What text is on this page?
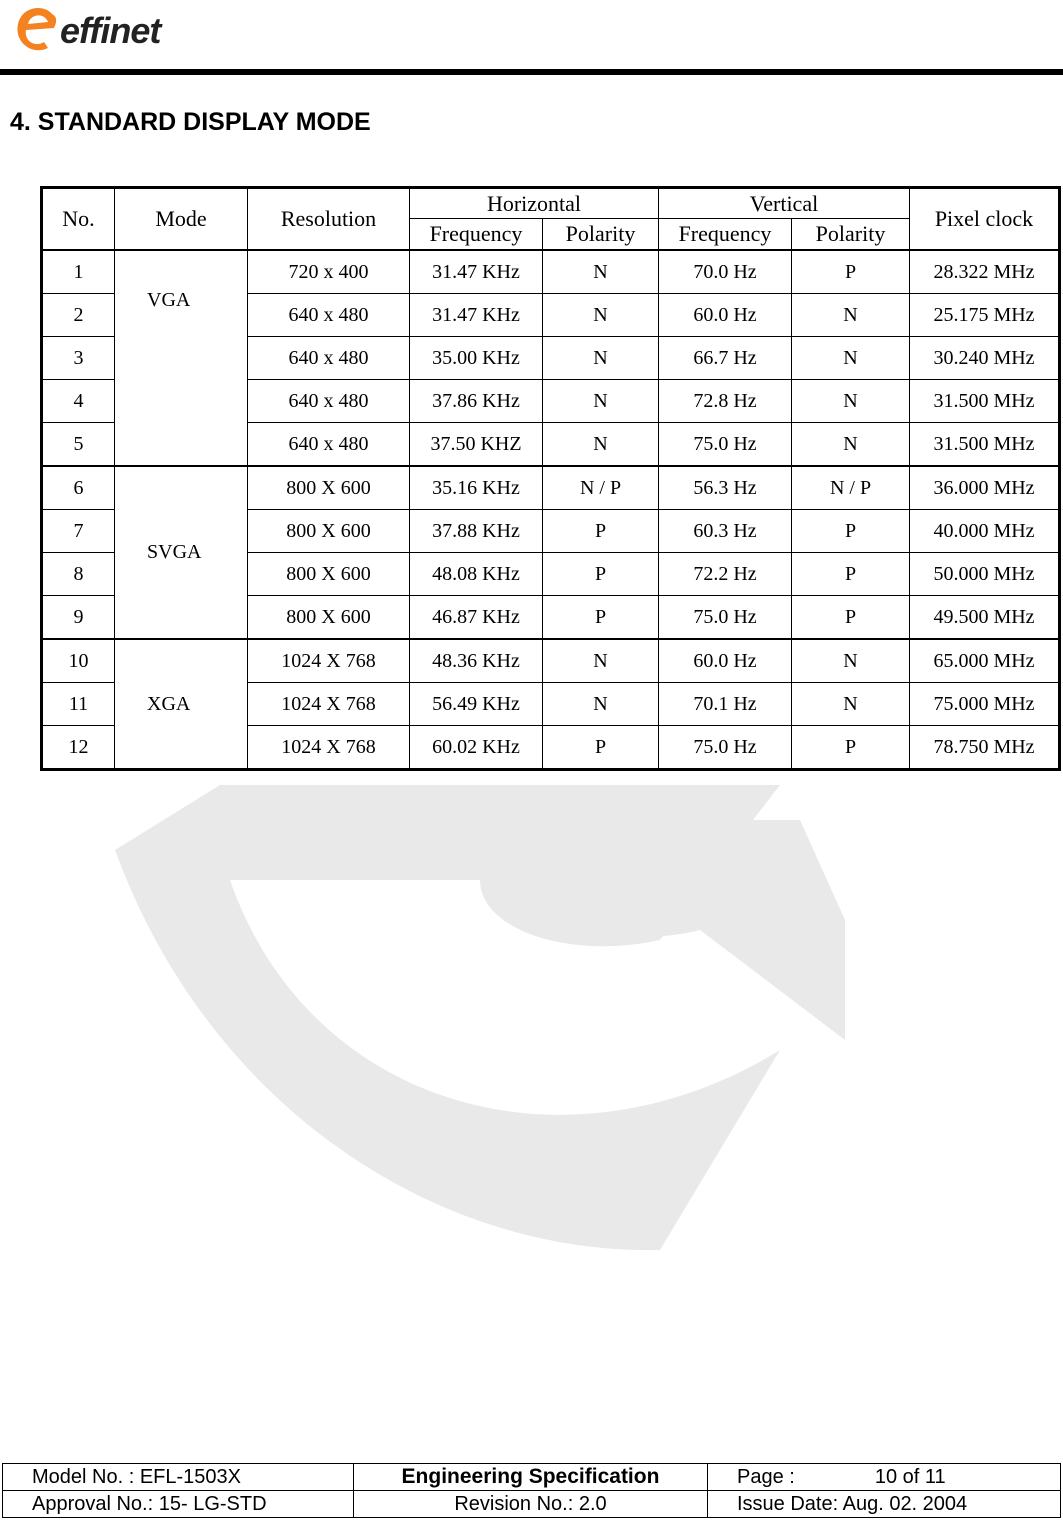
effinet
4. STANDARD DISPLAY MODE
No.	Mode	Resolution	Horizontal		Vertical		Pixel clock
			Frequency	Polarity	Frequency	Polarity	
1	VGA	720 x 400	31.47 KHz	N	70.0 Hz	P	28.322 MHz
2		640 x 480	31.47 KHz	N	60.0 Hz	N	25.175 MHz
3		640 x 480	35.00 KHz	N	66.7 Hz	N	30.240 MHz
4		640 x 480	37.86 KHz	N	72.8 Hz	N	31.500 MHz
5		640 x 480	37.50 KHZ	N	75.0 Hz	N	31.500 MHz
6	SVGA	800 X 600	35.16 KHz	N / P	56.3 Hz	N / P	36.000 MHz
7		800 X 600	37.88 KHz	P	60.3 Hz	P	40.000 MHz
8		800 X 600	48.08 KHz	P	72.2 Hz	P	50.000 MHz
9		800 X 600	46.87 KHz	P	75.0 Hz	P	49.500 MHz
10	XGA	1024 X 768	48.36 KHz	N	60.0 Hz	N	65.000 MHz
11		1024 X 768	56.49 KHz	N	70.1 Hz	N	75.000 MHz
12		1024 X 768	60.02 KHz	P	75.0 Hz	P	78.750 MHz
Model No. : EFL-1503X	Engineering Specification	Page : 10 of 11
Approval No.: 15- LG-STD	Revision No.: 2.0	Issue Date: Aug. 02. 2004
